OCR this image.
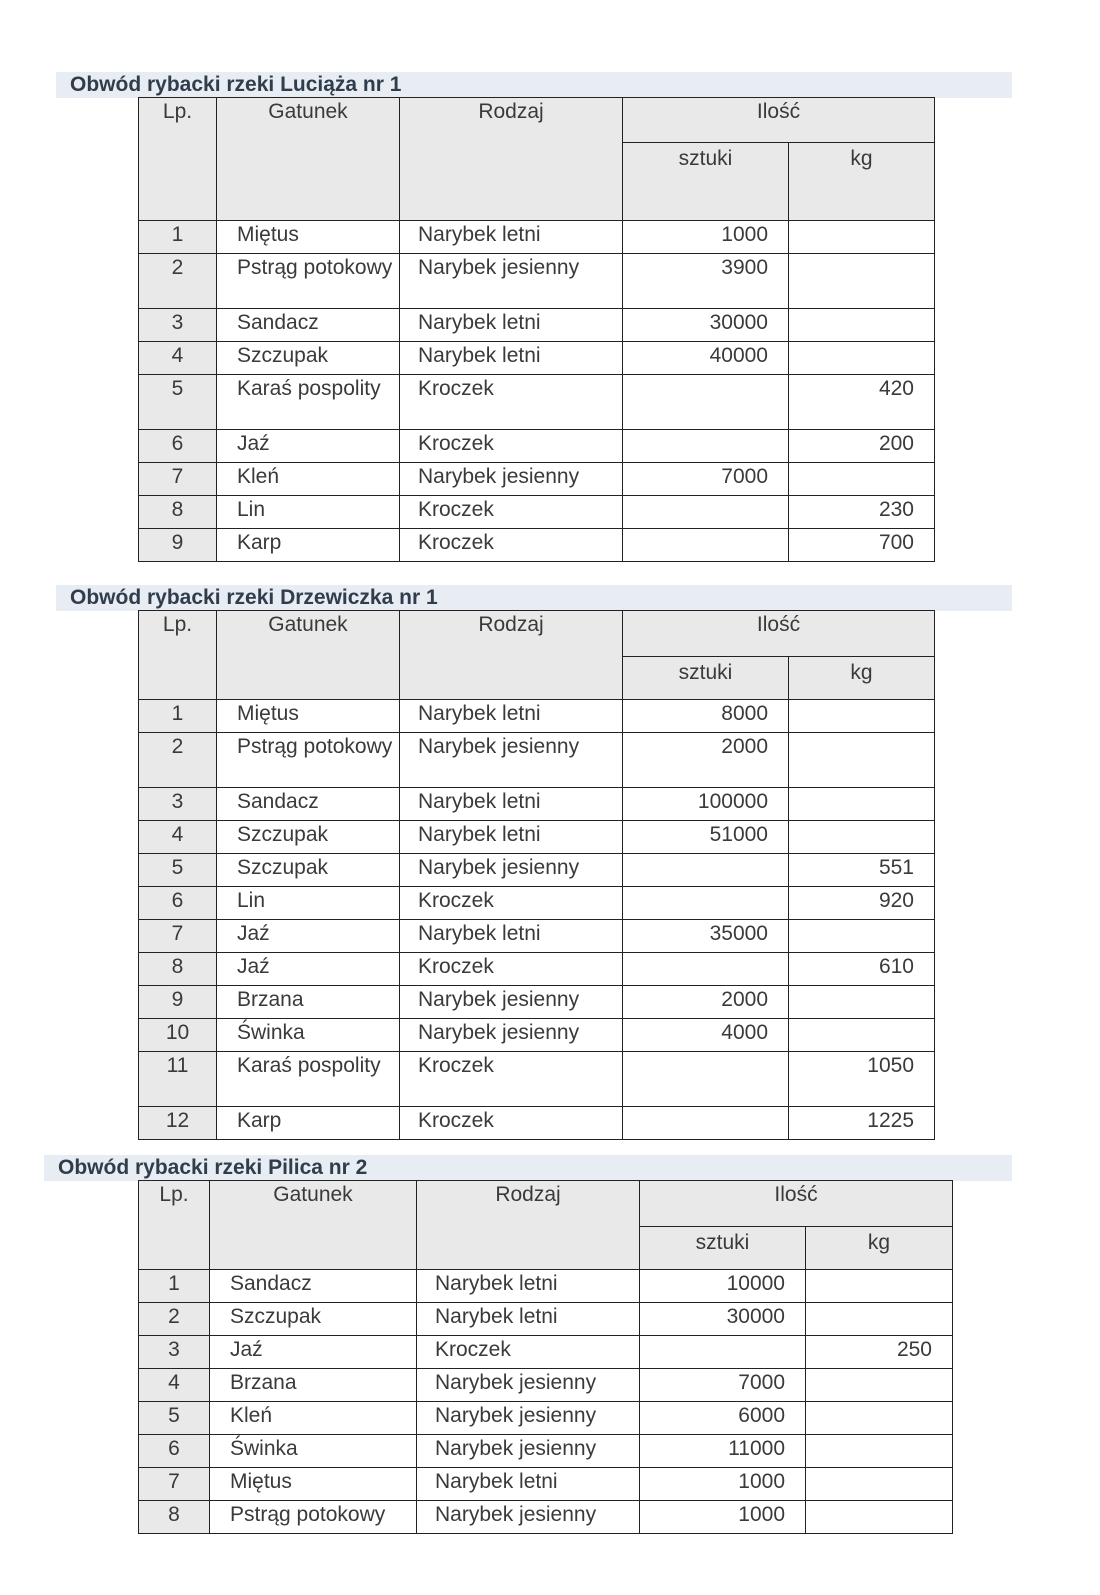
Obwód rybacki rzeki Luciąża nr 1
Lp.	Gatunek	Rodzaj	Ilość	
			sztuki	kg
1	Miętus	Narybek letni	1000	
2	Pstrąg potokowy	Narybek jesienny	3900	
3	Sandacz	Narybek letni	30000	
4	Szczupak	Narybek letni	40000	
5	Karaś pospolity	Kroczek		420
6	Jaź	Kroczek		200
7	Kleń	Narybek jesienny	7000	
8	Lin	Kroczek		230
9	Karp	Kroczek		700
Obwód rybacki rzeki Drzewiczka nr 1
Lp.	Gatunek	Rodzaj	Ilość	
			sztuki	kg
1	Miętus	Narybek letni	8000	
2	Pstrąg potokowy	Narybek jesienny	2000	
3	Sandacz	Narybek letni	100000	
4	Szczupak	Narybek letni	51000	
5	Szczupak	Narybek jesienny		551
6	Lin	Kroczek		920
7	Jaź	Narybek letni	35000	
8	Jaź	Kroczek		610
9	Brzana	Narybek jesienny	2000	
10	Świnka	Narybek jesienny	4000	
11	Karaś pospolity	Kroczek		1050
12	Karp	Kroczek		1225
Obwód rybacki rzeki Pilica nr 2
Lp.	Gatunek	Rodzaj	Ilość	
			sztuki	kg
1	Sandacz	Narybek letni	10000	
2	Szczupak	Narybek letni	30000	
3	Jaź	Kroczek		250
4	Brzana	Narybek jesienny	7000	
5	Kleń	Narybek jesienny	6000	
6	Świnka	Narybek jesienny	11000	
7	Miętus	Narybek letni	1000	
8	Pstrąg potokowy	Narybek jesienny	1000	
